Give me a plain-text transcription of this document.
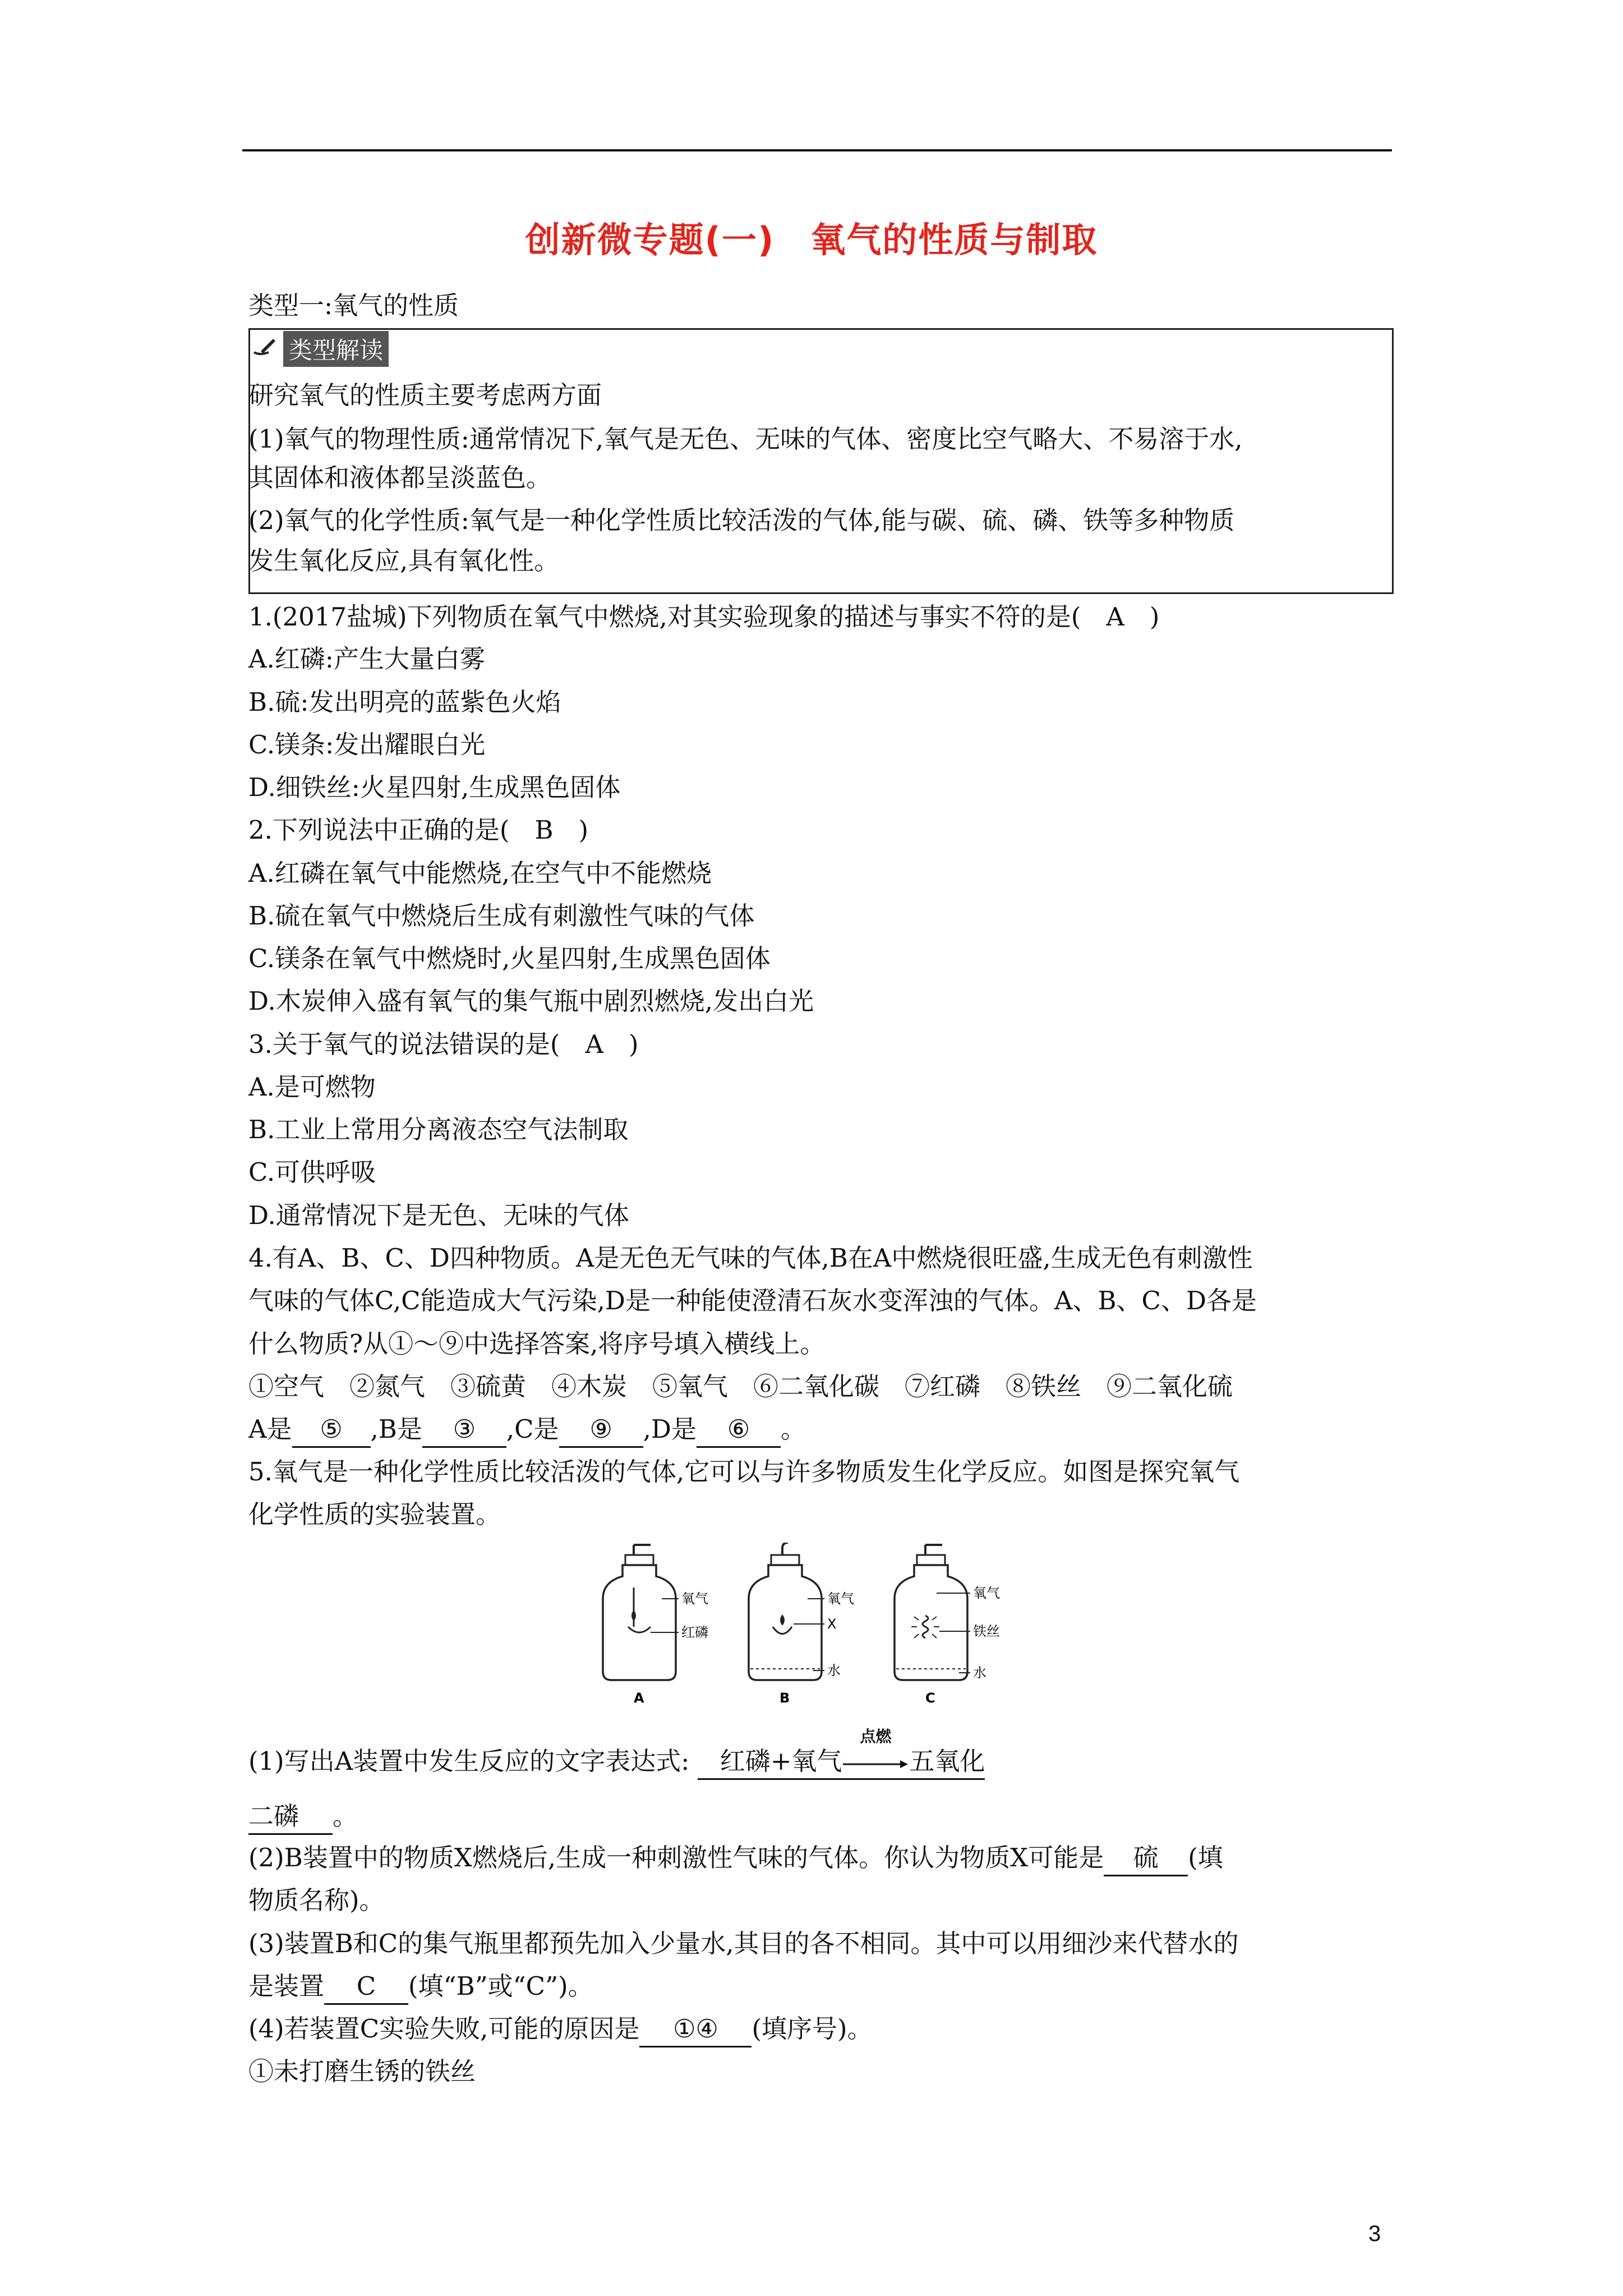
创新微专题(一)　氧气的性质与制取
类型一:氧气的性质
类型解读
研究氧气的性质主要考虑两方面
(1)氧气的物理性质:通常情况下,氧气是无色、无味的气体、密度比空气略大、不易溶于水,
其固体和液体都呈淡蓝色。
(2)氧气的化学性质:氧气是一种化学性质比较活泼的气体,能与碳、硫、磷、铁等多种物质
发生氧化反应,具有氧化性。
1.(2017盐城)下列物质在氧气中燃烧,对其实验现象的描述与事实不符的是(　A　)
A.红磷:产生大量白雾
B.硫:发出明亮的蓝紫色火焰
C.镁条:发出耀眼白光
D.细铁丝:火星四射,生成黑色固体
2.下列说法中正确的是(　B　)
A.红磷在氧气中能燃烧,在空气中不能燃烧
B.硫在氧气中燃烧后生成有刺激性气味的气体
C.镁条在氧气中燃烧时,火星四射,生成黑色固体
D.木炭伸入盛有氧气的集气瓶中剧烈燃烧,发出白光
3.关于氧气的说法错误的是(　A　)
A.是可燃物
B.工业上常用分离液态空气法制取
C.可供呼吸
D.通常情况下是无色、无味的气体
4.有A、B、C、D四种物质。A是无色无气味的气体,B在A中燃烧很旺盛,生成无色有刺激性
气味的气体C,C能造成大气污染,D是一种能使澄清石灰水变浑浊的气体。A、B、C、D各是
什么物质?从①～⑨中选择答案,将序号填入横线上。
①空气　②氮气　③硫黄　④木炭　⑤氧气　⑥二氧化碳　⑦红磷　⑧铁丝　⑨二氧化硫
A是 ⑤ ,B是 ③ ,C是 ⑨ ,D是 ⑥ 。
5.氧气是一种化学性质比较活泼的气体,它可以与许多物质发生化学反应。如图是探究氧气
化学性质的实验装置。
氧气
红磷
A
氧气
X
水
B
氧气
铁丝
水
C
(1)写出A装置中发生反应的文字表达式: 红磷+氧气
点燃
五氧化
二磷 。
(2)B装置中的物质X燃烧后,生成一种刺激性气味的气体。你认为物质X可能是 硫 (填
物质名称)。
(3)装置B和C的集气瓶里都预先加入少量水,其目的各不相同。其中可以用细沙来代替水的
是装置 C (填“B”或“C”)。
(4)若装置C实验失败,可能的原因是 ①④ (填序号)。
①未打磨生锈的铁丝
3
